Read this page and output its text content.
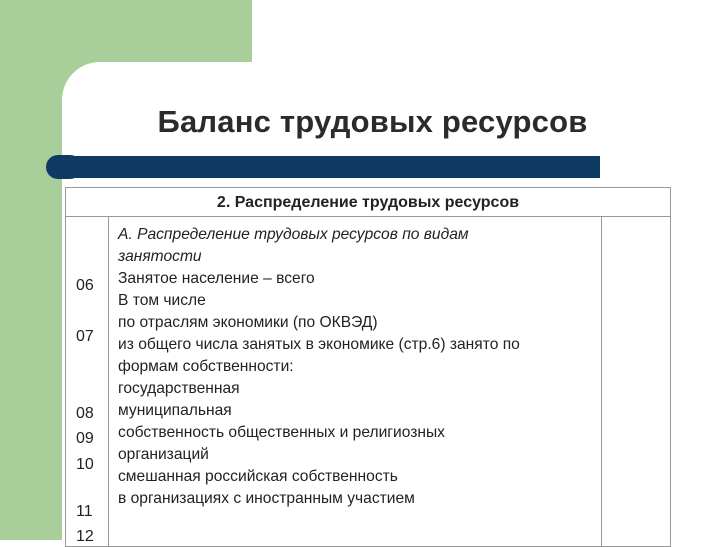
Баланс трудовых ресурсов
2. Распределение трудовых ресурсов
06
07
08
09
10
11
12
А. Распределение трудовых ресурсов по видам
занятости
Занятое население – всего
В том числе
по отраслям экономики (по ОКВЭД)
из общего числа занятых в экономике (стр.6) занято по
формам собственности:
государственная
муниципальная
собственность общественных и религиозных
организаций
смешанная российская собственность
в организациях с иностранным участием
